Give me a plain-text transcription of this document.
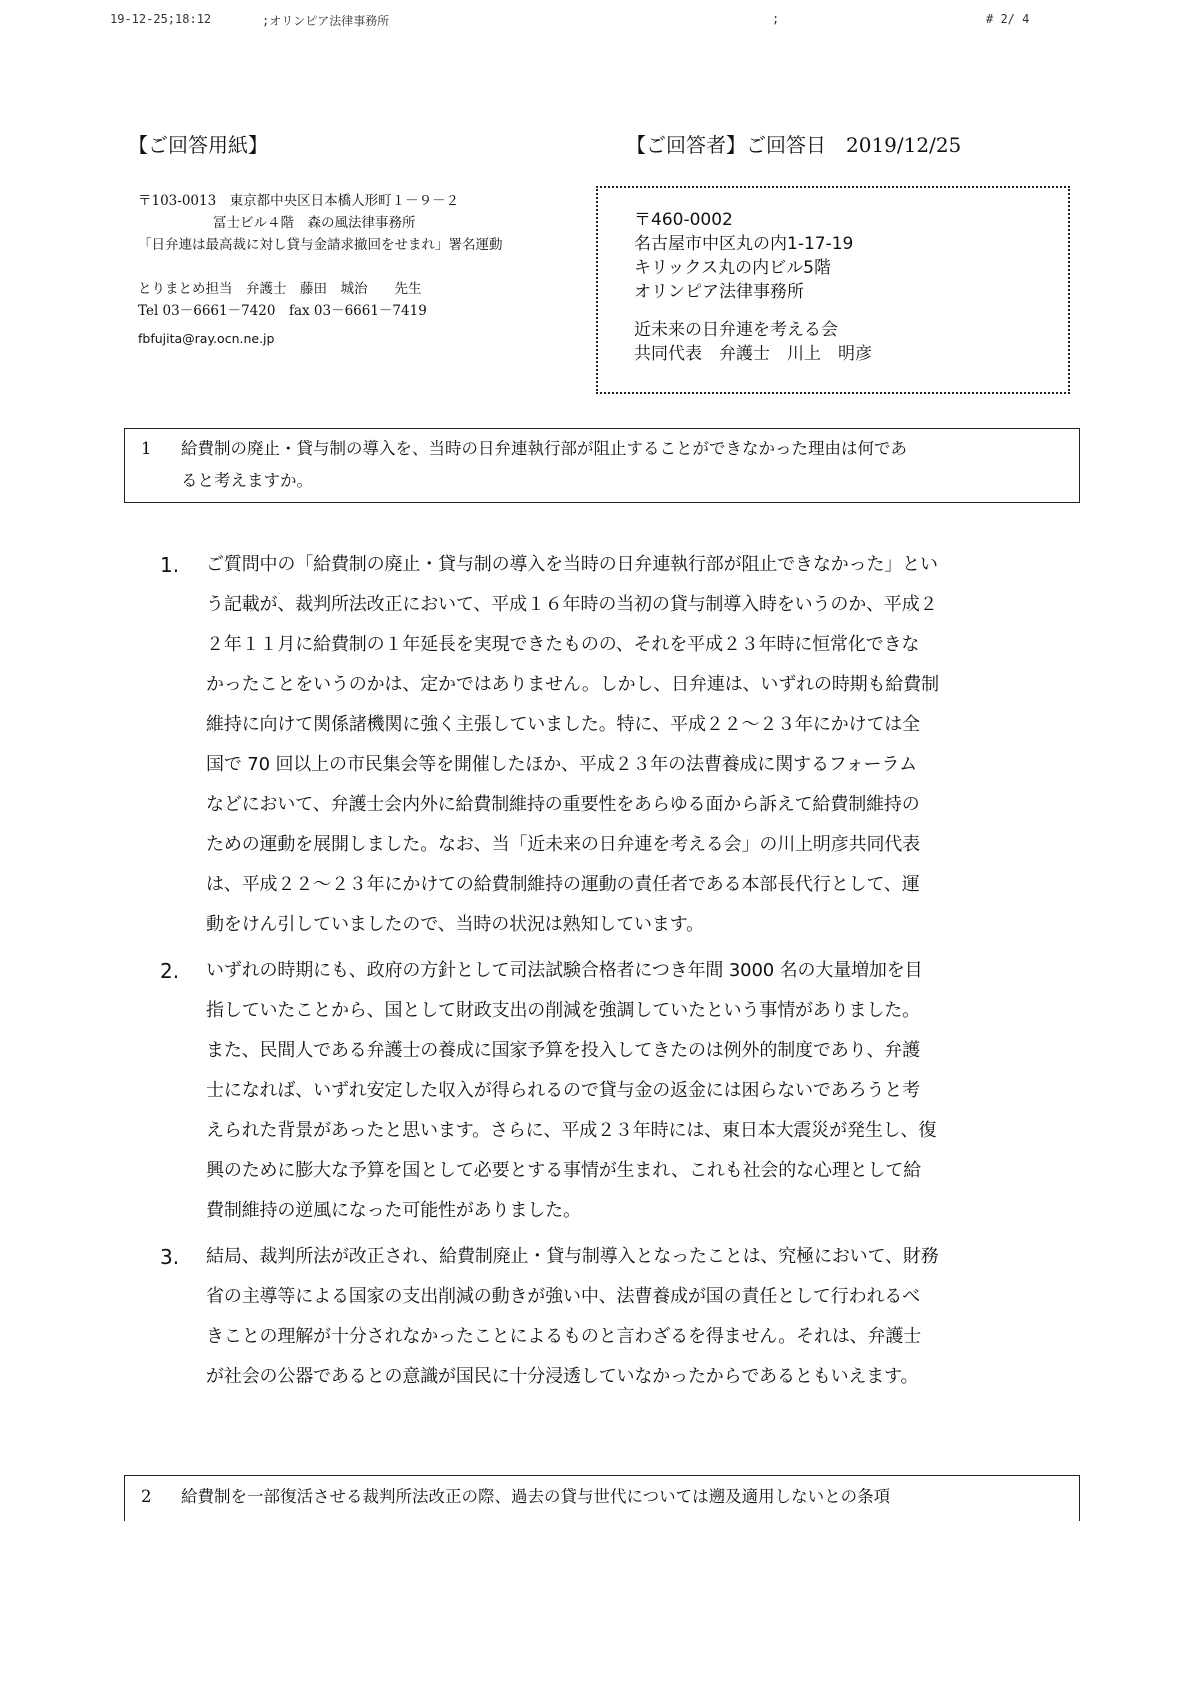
19-12-25;18:12	;オリンピア法律事務所	;	# 2/ 4
【ご回答用紙】	【ご回答者】ご回答日　2019/12/25
〒103-0013　東京都中央区日本橋人形町１－９－２
冨士ビル４階　森の風法律事務所
「日弁連は最高裁に対し貸与金請求撤回をせまれ」署名運動
とりまとめ担当　弁護士　藤田　城治　　先生
Tel 03－6661－7420　fax 03－6661－7419
fbfujita@ray.ocn.ne.jp
〒460-0002
名古屋市中区丸の内1-17-19
キリックス丸の内ビル5階
オリンピア法律事務所
近未来の日弁連を考える会
共同代表　弁護士　川上　明彦
1 給費制の廃止・貸与制の導入を、当時の日弁連執行部が阻止することができなかった理由は何であ
ると考えますか。
1. ご質問中の「給費制の廃止・貸与制の導入を当時の日弁連執行部が阻止できなかった」とい
う記載が、裁判所法改正において、平成１６年時の当初の貸与制導入時をいうのか、平成２
２年１１月に給費制の１年延長を実現できたものの、それを平成２３年時に恒常化できな
かったことをいうのかは、定かではありません。しかし、日弁連は、いずれの時期も給費制
維持に向けて関係諸機関に強く主張していました。特に、平成２２～２３年にかけては全
国で 70 回以上の市民集会等を開催したほか、平成２３年の法曹養成に関するフォーラム
などにおいて、弁護士会内外に給費制維持の重要性をあらゆる面から訴えて給費制維持の
ための運動を展開しました。なお、当「近未来の日弁連を考える会」の川上明彦共同代表
は、平成２２～２３年にかけての給費制維持の運動の責任者である本部長代行として、運
動をけん引していましたので、当時の状況は熟知しています。
2. いずれの時期にも、政府の方針として司法試験合格者につき年間 3000 名の大量増加を目
指していたことから、国として財政支出の削減を強調していたという事情がありました。
また、民間人である弁護士の養成に国家予算を投入してきたのは例外的制度であり、弁護
士になれば、いずれ安定した収入が得られるので貸与金の返金には困らないであろうと考
えられた背景があったと思います。さらに、平成２３年時には、東日本大震災が発生し、復
興のために膨大な予算を国として必要とする事情が生まれ、これも社会的な心理として給
費制維持の逆風になった可能性がありました。
3. 結局、裁判所法が改正され、給費制廃止・貸与制導入となったことは、究極において、財務
省の主導等による国家の支出削減の動きが強い中、法曹養成が国の責任として行われるべ
きことの理解が十分されなかったことによるものと言わざるを得ません。それは、弁護士
が社会の公器であるとの意識が国民に十分浸透していなかったからであるともいえます。
2 給費制を一部復活させる裁判所法改正の際、過去の貸与世代については遡及適用しないとの条項
